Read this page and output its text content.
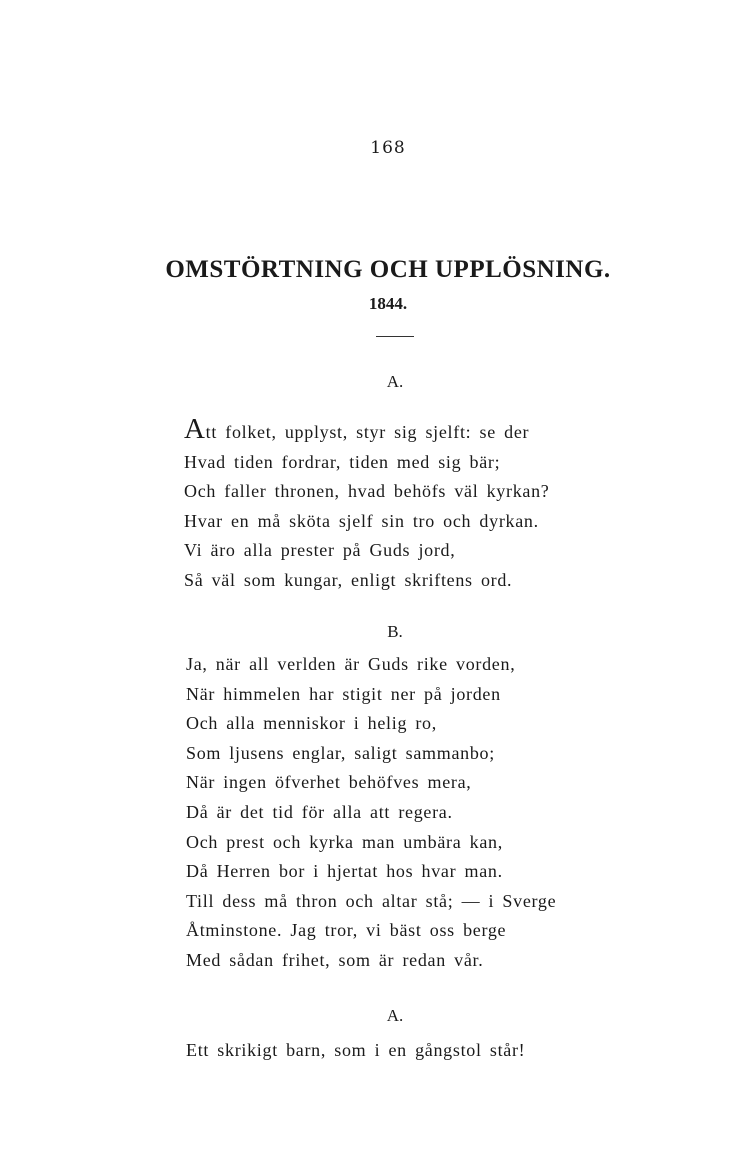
168
OMSTÖRTNING OCH UPPLÖSNING.
1844.
A.
Att folket, upplyst, styr sig sjelft: se der
Hvad tiden fordrar, tiden med sig bär;
Och faller thronen, hvad behöfs väl kyrkan?
Hvar en må sköta sjelf sin tro och dyrkan.
Vi äro alla prester på Guds jord,
Så väl som kungar, enligt skriftens ord.
B.
Ja, när all verlden är Guds rike vorden,
När himmelen har stigit ner på jorden
Och alla menniskor i helig ro,
Som ljusens englar, saligt sammanbo;
När ingen öfverhet behöfves mera,
Då är det tid för alla att regera.
Och prest och kyrka man umbära kan,
Då Herren bor i hjertat hos hvar man.
Till dess må thron och altar stå; — i Sverge
Åtminstone. Jag tror, vi bäst oss berge
Med sådan frihet, som är redan vår.
A.
Ett skrikigt barn, som i en gångstol står!
